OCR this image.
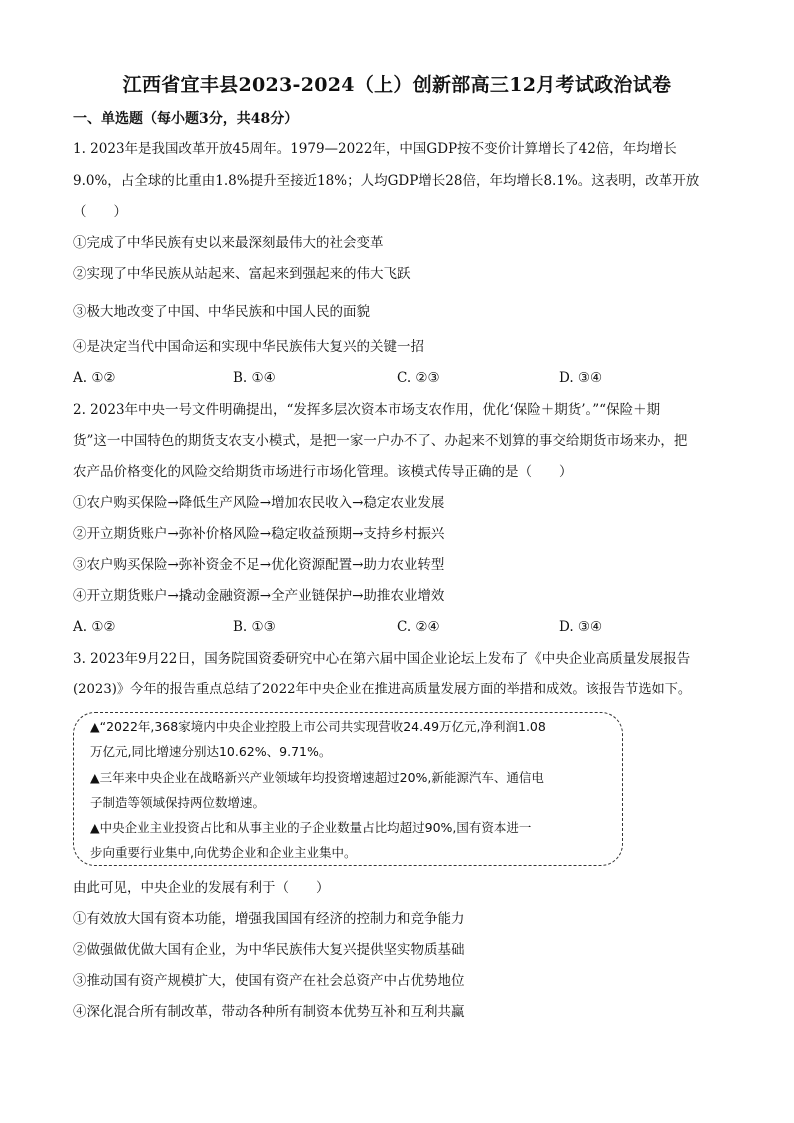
江西省宜丰县2023-2024（上）创新部高三12月考试政治试卷
一、单选题（每小题3分，共48分）
1. 2023年是我国改革开放45周年。1979—2022年，中国GDP按不变价计算增长了42倍，年均增长
9.0%，占全球的比重由1.8%提升至接近18%；人均GDP增长28倍，年均增长8.1%。这表明，改革开放
（　　）
①完成了中华民族有史以来最深刻最伟大的社会变革
②实现了中华民族从站起来、富起来到强起来的伟大飞跃
③极大地改变了中国、中华民族和中国人民的面貌
④是决定当代中国命运和实现中华民族伟大复兴的关键一招
A. ①②	B. ①④	C. ②③	D. ③④
2. 2023年中央一号文件明确提出，“发挥多层次资本市场支农作用，优化‘保险＋期货’。”“保险＋期
货”这一中国特色的期货支农支小模式，是把一家一户办不了、办起来不划算的事交给期货市场来办，把
农产品价格变化的风险交给期货市场进行市场化管理。该模式传导正确的是（　　）
①农户购买保险→降低生产风险→增加农民收入→稳定农业发展
②开立期货账户→弥补价格风险→稳定收益预期→支持乡村振兴
③农户购买保险→弥补资金不足→优化资源配置→助力农业转型
④开立期货账户→撬动金融资源→全产业链保护→助推农业增效
A. ①②	B. ①③	C. ②④	D. ③④
3. 2023年9月22日，国务院国资委研究中心在第六届中国企业论坛上发布了《中央企业高质量发展报告
(2023)》今年的报告重点总结了2022年中央企业在推进高质量发展方面的举措和成效。该报告节选如下。
▲“2022年,368家境内中央企业控股上市公司共实现营收24.49万亿元,净利润1.08
万亿元,同比增速分别达10.62%、9.71%。
▲三年来中央企业在战略新兴产业领域年均投资增速超过20%,新能源汽车、通信电
子制造等领域保持两位数增速。
▲中央企业主业投资占比和从事主业的子企业数量占比均超过90%,国有资本进一
步向重要行业集中,向优势企业和企业主业集中。
由此可见，中央企业的发展有利于（　　）
①有效放大国有资本功能，增强我国国有经济的控制力和竞争能力
②做强做优做大国有企业，为中华民族伟大复兴提供坚实物质基础
③推动国有资产规模扩大，使国有资产在社会总资产中占优势地位
④深化混合所有制改革，带动各种所有制资本优势互补和互利共赢
